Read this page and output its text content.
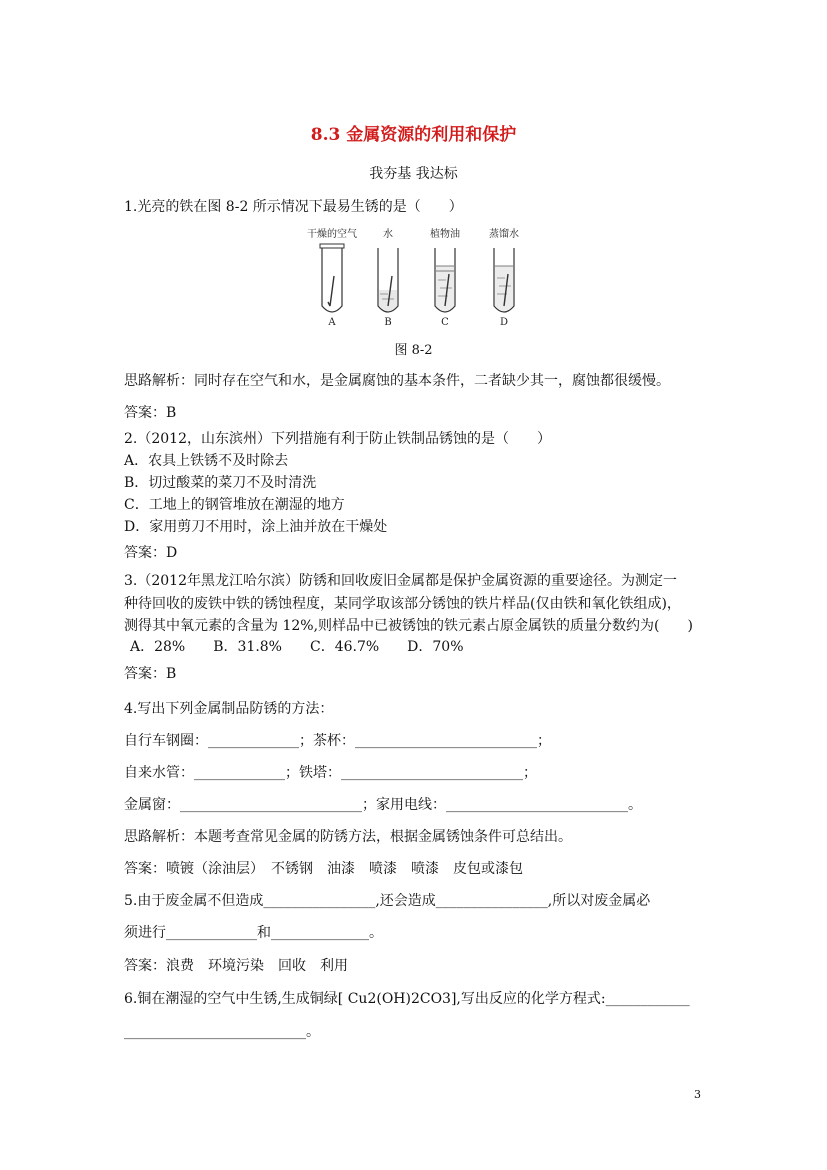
8.3 金属资源的利用和保护
我夯基 我达标
1.光亮的铁在图 8-2 所示情况下最易生锈的是（　　）
干燥的空气
A
水
B
植物油
C
蒸馏水
D
图 8-2
思路解析：同时存在空气和水，是金属腐蚀的基本条件，二者缺少其一，腐蚀都很缓慢。
答案：B
2.（2012，山东滨州）下列措施有利于防止铁制品锈蚀的是（　　）
A．农具上铁锈不及时除去
B．切过酸菜的菜刀不及时清洗
C．工地上的钢管堆放在潮湿的地方
D．家用剪刀不用时，涂上油并放在干燥处
答案：D
3.（2012年黑龙江哈尔滨）防锈和回收废旧金属都是保护金属资源的重要途径。为测定一
种待回收的废铁中铁的锈蚀程度，某同学取该部分锈蚀的铁片样品(仅由铁和氧化铁组成)，
测得其中氧元素的含量为 12%,则样品中已被锈蚀的铁元素占原金属铁的质量分数约为(　　)
A．28%　　B．31.8%　　C．46.7%　　D．70%
答案：B
4.写出下列金属制品防锈的方法：
自行车钢圈：_____________；茶杯：__________________________；
自来水管：_____________；铁塔：__________________________；
金属窗：__________________________；家用电线：__________________________。
思路解析：本题考查常见金属的防锈方法，根据金属锈蚀条件可总结出。
答案：喷镀（涂油层）　不锈钢　油漆　喷漆　喷漆　皮包或漆包
5.由于废金属不但造成________________,还会造成________________,所以对废金属必
须进行_____________和______________。
答案：浪费　环境污染　回收　利用
6.铜在潮湿的空气中生锈,生成铜绿[ Cu2(OH)2CO3],写出反应的化学方程式:____________
__________________________。
3
